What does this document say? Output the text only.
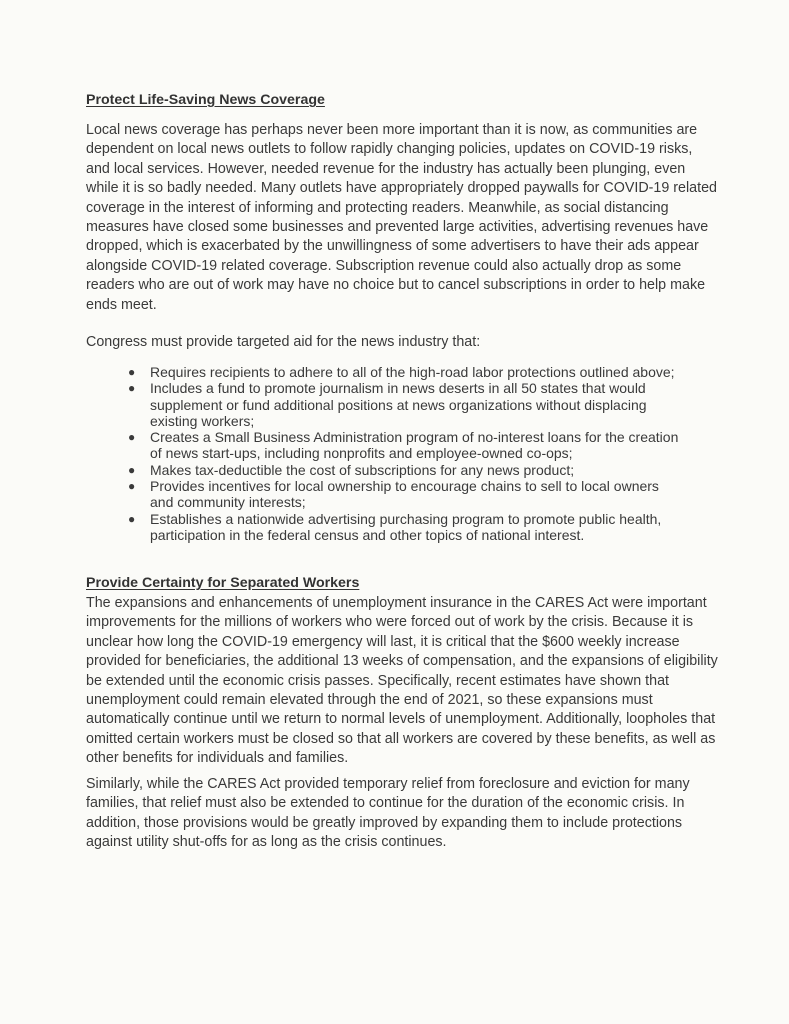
Protect Life-Saving News Coverage

Local news coverage has perhaps never been more important than it is now, as communities are dependent on local news outlets to follow rapidly changing policies, updates on COVID-19 risks, and local services. However, needed revenue for the industry has actually been plunging, even while it is so badly needed. Many outlets have appropriately dropped paywalls for COVID-19 related coverage in the interest of informing and protecting readers. Meanwhile, as social distancing measures have closed some businesses and prevented large activities, advertising revenues have dropped, which is exacerbated by the unwillingness of some advertisers to have their ads appear alongside COVID-19 related coverage. Subscription revenue could also actually drop as some readers who are out of work may have no choice but to cancel subscriptions in order to help make ends meet.

Congress must provide targeted aid for the news industry that:

● Requires recipients to adhere to all of the high-road labor protections outlined above;
● Includes a fund to promote journalism in news deserts in all 50 states that would supplement or fund additional positions at news organizations without displacing existing workers;
● Creates a Small Business Administration program of no-interest loans for the creation of news start-ups, including nonprofits and employee-owned co-ops;
● Makes tax-deductible the cost of subscriptions for any news product;
● Provides incentives for local ownership to encourage chains to sell to local owners and community interests;
● Establishes a nationwide advertising purchasing program to promote public health, participation in the federal census and other topics of national interest.
Provide Certainty for Separated Workers

The expansions and enhancements of unemployment insurance in the CARES Act were important improvements for the millions of workers who were forced out of work by the crisis. Because it is unclear how long the COVID-19 emergency will last, it is critical that the $600 weekly increase provided for beneficiaries, the additional 13 weeks of compensation, and the expansions of eligibility be extended until the economic crisis passes. Specifically, recent estimates have shown that unemployment could remain elevated through the end of 2021, so these expansions must automatically continue until we return to normal levels of unemployment. Additionally, loopholes that omitted certain workers must be closed so that all workers are covered by these benefits, as well as other benefits for individuals and families.

Similarly, while the CARES Act provided temporary relief from foreclosure and eviction for many families, that relief must also be extended to continue for the duration of the economic crisis. In addition, those provisions would be greatly improved by expanding them to include protections against utility shut-offs for as long as the crisis continues.
